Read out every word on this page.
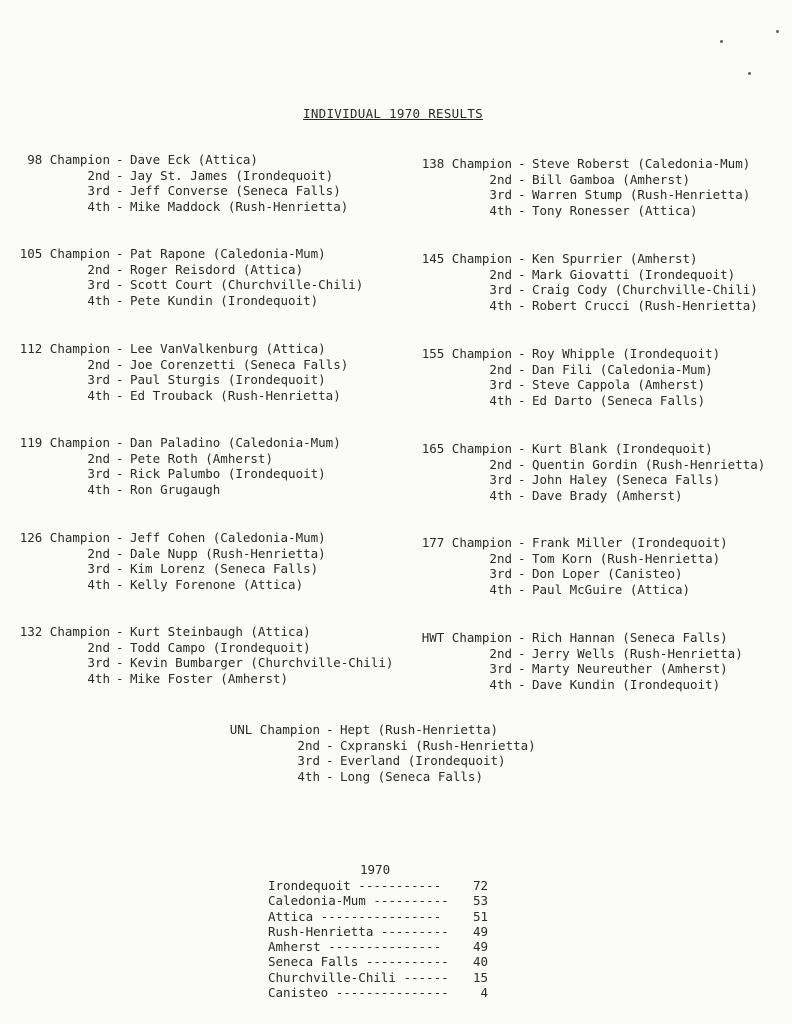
INDIVIDUAL 1970 RESULTS
98 Champion - Dave Eck (Attica)
2nd - Jay St. James (Irondequoit)
3rd - Jeff Converse (Seneca Falls)
4th - Mike Maddock (Rush-Henrietta)
105 Champion - Pat Rapone (Caledonia-Mum)
2nd - Roger Reisdord (Attica)
3rd - Scott Court (Churchville-Chili)
4th - Pete Kundin (Irondequoit)
112 Champion - Lee VanValkenburg (Attica)
2nd - Joe Corenzetti (Seneca Falls)
3rd - Paul Sturgis (Irondequoit)
4th - Ed Trouback (Rush-Henrietta)
119 Champion - Dan Paladino (Caledonia-Mum)
2nd - Pete Roth (Amherst)
3rd - Rick Palumbo (Irondequoit)
4th - Ron Grugaugh
126 Champion - Jeff Cohen (Caledonia-Mum)
2nd - Dale Nupp (Rush-Henrietta)
3rd - Kim Lorenz (Seneca Falls)
4th - Kelly Forenone (Attica)
132 Champion - Kurt Steinbaugh (Attica)
2nd - Todd Campo (Irondequoit)
3rd - Kevin Bumbarger (Churchville-Chili)
4th - Mike Foster (Amherst)
138 Champion - Steve Roberst (Caledonia-Mum)
2nd - Bill Gamboa (Amherst)
3rd - Warren Stump (Rush-Henrietta)
4th - Tony Ronesser (Attica)
145 Champion - Ken Spurrier (Amherst)
2nd - Mark Giovatti (Irondequoit)
3rd - Craig Cody (Churchville-Chili)
4th - Robert Crucci (Rush-Henrietta)
155 Champion - Roy Whipple (Irondequoit)
2nd - Dan Fili (Caledonia-Mum)
3rd - Steve Cappola (Amherst)
4th - Ed Darto (Seneca Falls)
165 Champion - Kurt Blank (Irondequoit)
2nd - Quentin Gordin (Rush-Henrietta)
3rd - John Haley (Seneca Falls)
4th - Dave Brady (Amherst)
177 Champion - Frank Miller (Irondequoit)
2nd - Tom Korn (Rush-Henrietta)
3rd - Don Loper (Canisteo)
4th - Paul McGuire (Attica)
HWT Champion - Rich Hannan (Seneca Falls)
2nd - Jerry Wells (Rush-Henrietta)
3rd - Marty Neureuther (Amherst)
4th - Dave Kundin (Irondequoit)
UNL Champion - Hept (Rush-Henrietta)
2nd - Cxpranski (Rush-Henrietta)
3rd - Everland (Irondequoit)
4th - Long (Seneca Falls)
1970
Irondequoit -----------	72
Caledonia-Mum ----------	53
Attica ----------------	51
Rush-Henrietta ---------	49
Amherst ---------------	49
Seneca Falls -----------	40
Churchville-Chili ------	15
Canisteo ---------------	4
